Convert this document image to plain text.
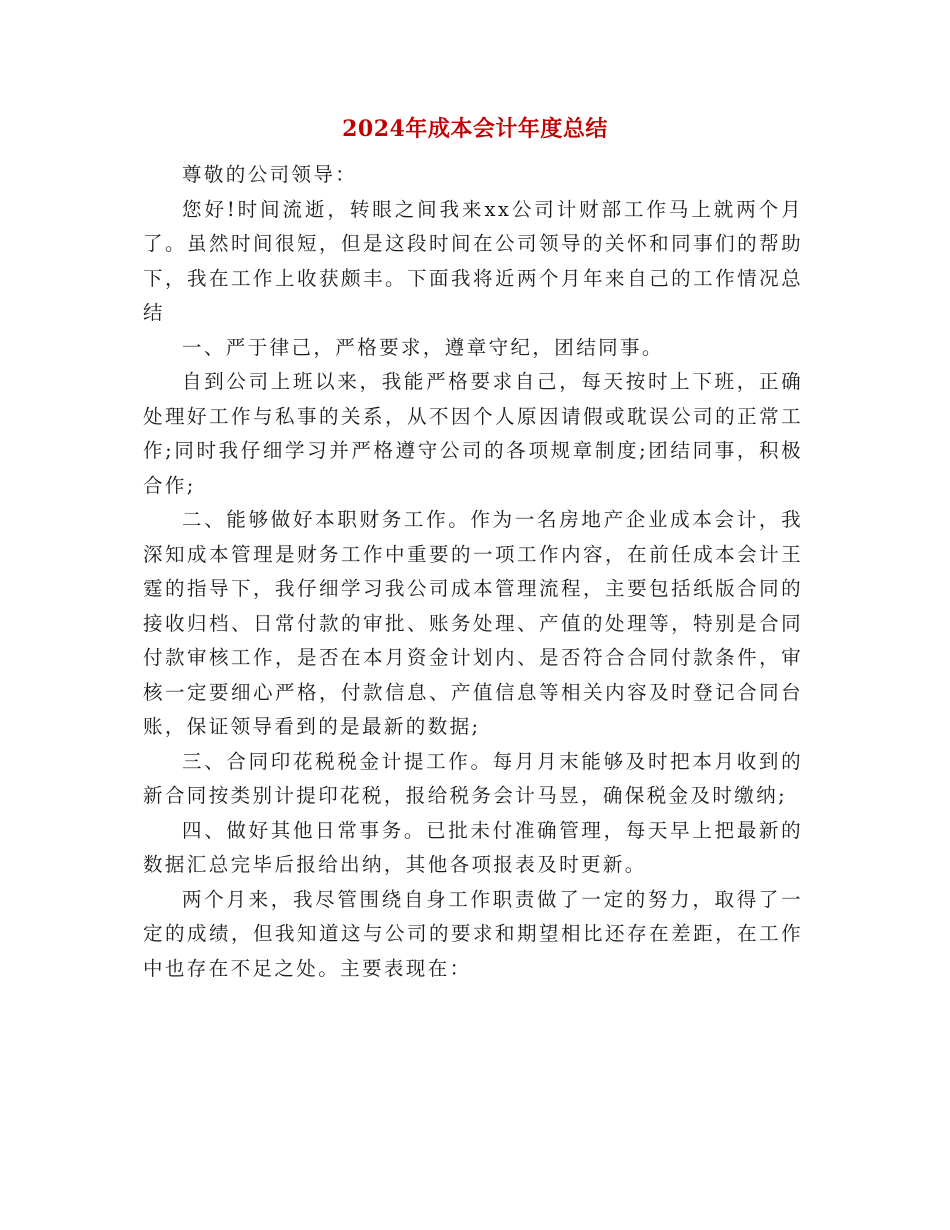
2024年成本会计年度总结

尊敬的公司领导：

您好!时间流逝，转眼之间我来xx公司计财部工作马上就两个月了。虽然时间很短，但是这段时间在公司领导的关怀和同事们的帮助下，我在工作上收获颇丰。下面我将近两个月年来自己的工作情况总结

一、严于律己，严格要求，遵章守纪，团结同事。

自到公司上班以来，我能严格要求自己，每天按时上下班，正确处理好工作与私事的关系，从不因个人原因请假或耽误公司的正常工作;同时我仔细学习并严格遵守公司的各项规章制度;团结同事，积极合作;

二、能够做好本职财务工作。作为一名房地产企业成本会计，我深知成本管理是财务工作中重要的一项工作内容，在前任成本会计王霆的指导下，我仔细学习我公司成本管理流程，主要包括纸版合同的接收归档、日常付款的审批、账务处理、产值的处理等，特别是合同付款审核工作，是否在本月资金计划内、是否符合合同付款条件，审核一定要细心严格，付款信息、产值信息等相关内容及时登记合同台账，保证领导看到的是最新的数据;

三、合同印花税税金计提工作。每月月末能够及时把本月收到的新合同按类别计提印花税，报给税务会计马昱，确保税金及时缴纳;

四、做好其他日常事务。已批未付准确管理，每天早上把最新的数据汇总完毕后报给出纳，其他各项报表及时更新。

两个月来，我尽管围绕自身工作职责做了一定的努力，取得了一定的成绩，但我知道这与公司的要求和期望相比还存在差距，在工作中也存在不足之处。主要表现在：
